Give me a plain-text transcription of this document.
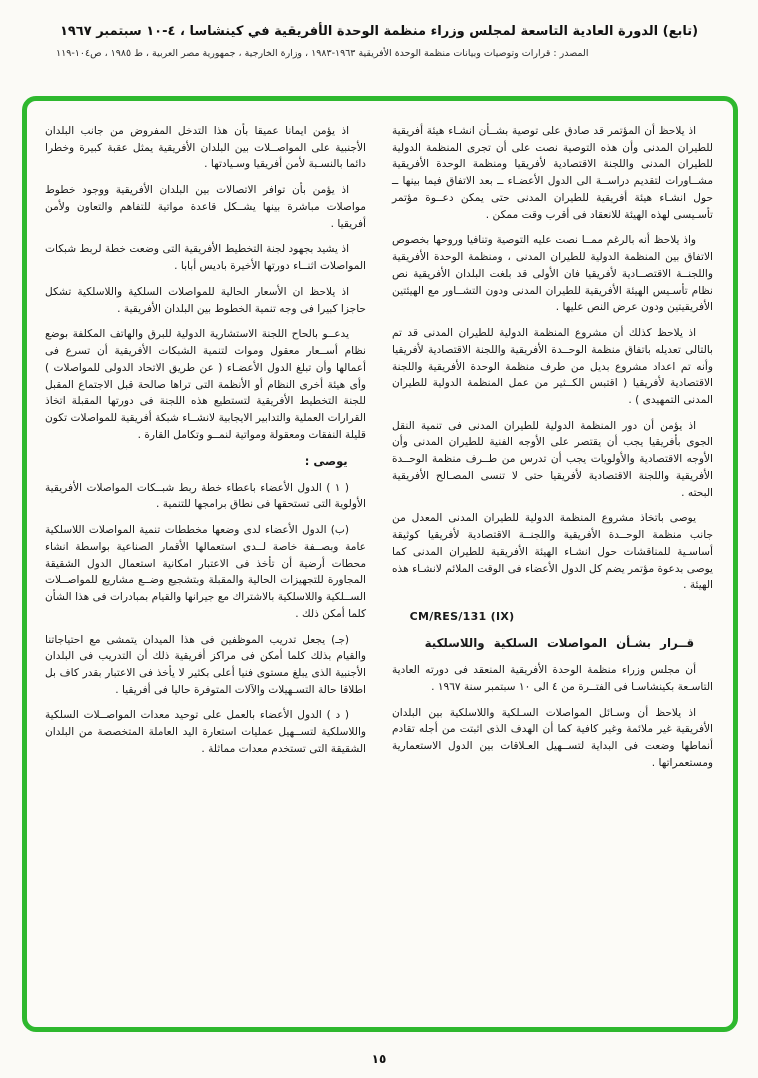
(تابع) الدورة العادية التاسعة لمجلس وزراء منظمة الوحدة الأفريقية في كينشاسا ، ٤-١٠ سبتمبر ١٩٦٧
المصدر : قرارات وتوصيات وبيانات منظمة الوحدة الأفريقية ١٩٦٣-١٩٨٣ ، وزارة الخارجية ، جمهورية مصر العربية ، ط ١٩٨٥ ، ص١٠٤-١١٩

اذ يلاحظ أن المؤتمر قد صادق على توصية بشــأن انشـاء هيئة أفريقية للطيران المدنى وأن هذه التوصية نصت على أن تجرى المنظمة الدولية للطيران المدنى واللجنة الاقتصادية لأفريقيا ومنظمة الوحدة الأفريقية مشــاورات لتقديم دراســة الى الدول الأعضـاء ــ بعد الاتفاق فيما بينها ــ حول انشـاء هيئة أفريقية للطيران المدنى حتى يمكن دعــوة مؤتمر تأسـيسى لهذه الهيئة للانعقاد فى أقرب وقت ممكن .

واذ يلاحظ أنه بالرغم ممــا نصت عليه التوصية وتنافيا وروحها بخصوص الاتفاق بين المنظمة الدولية للطيران المدنى ، ومنظمة الوحدة الأفريقية واللجنــة الاقتصــادية لأفريقيا فان الأولى قد بلغت البلدان الأفريقية نص نظام تأسـيس الهيئة الأفريقية للطيران المدنى ودون التشــاور مع الهيئتين الأفريقيتين ودون عرض النص عليها .

اذ يلاحظ كذلك أن مشروع المنظمة الدولية للطيران المدنى قد تم بالتالى تعديله باتفاق منظمة الوحــدة الأفريقية واللجنة الاقتصادية لأفريقيا وأنه تم اعداد مشروع بديل من طرف منظمة الوحدة الأفريقية واللجنة الاقتصادية لأفريقيا ( اقتبس الكــثير من عمل المنظمة الدولية للطيران المدنى التمهيدى ) .

اذ يؤمن أن دور المنظمة الدولية للطيران المدنى فى تنمية النقل الجوى بأفريقيا يجب أن يقتصر على الأوجه الفنية للطيران المدنى وأن الأوجه الاقتصادية والأولويات يجب أن تدرس من طــرف منظمة الوحــدة الأفريقية واللجنة الاقتصادية لأفريقيا حتى لا تنسى المصـالح الأفريقية البحته .

يوصى باتخاذ مشروع المنظمة الدولية للطيران المدنى المعدل من جانب منظمة الوحــدة الأفريقية واللجنــة الاقتصادية لأفريقيا كوثيقة أساسـية للمناقشات حول انشـاء الهيئة الأفريقية للطيران المدنى كما يوصى بدعوة مؤتمر يضم كل الدول الأعضاء فى الوقت الملائم لانشـاء هذه الهيئة .

CM/RES/131 (IX)

قــرار بشـأن المواصلات السلكية واللاسلكية

أن مجلس وزراء منظمة الوحدة الأفريقية المنعقد فى دورته العادية التاسـعة بكينشاسـا فى الفتــرة من ٤ الى ١٠ سبتمبر سنة ١٩٦٧ .

اذ يلاحظ أن وسـائل المواصلات السـلكية واللاسلكية بين البلدان الأفريقية غير ملائمة وغير كافية كما أن الهدف الذى اثبتت من أجله تقادم أنماطها وضعت فى البداية لتســهيل العـلاقات بين الدول الاستعمارية ومستعمراتها .

اذ يؤمن ايمانا عميقا بأن هذا التدخل المفروض من جانب البلدان الأجنبية على المواصــلات بين البلدان الأفريقية يمثل عقبة كبيرة وخطرا دائما بالنسـبة لأمن أفريقيا وسـيادتها .

اذ يؤمن بأن توافر الاتصالات بين البلدان الأفريقية ووجود خطوط مواصلات مباشرة بينها يشــكل قاعدة مواتية للتفاهم والتعاون ولأمن أفريقيا .

اذ يشيد بجهود لجنة التخطيط الأفريقية التى وضعت خطة لربط شبكات المواصلات اثنــاء دورتها الأخيرة باديس أبابا .

اذ يلاحظ ان الأسعار الحالية للمواصلات السلكية واللاسلكية تشكل حاجزا كبيرا فى وجه تنمية الخطوط بين البلدان الأفريقية .

يدعــو بالحاح اللجنة الاستشارية الدولية للبرق والهاتف المكلفة بوضع نظام أســعار معقول وموات لتنمية الشبكات الأفريقية أن تسرع فى أعمالها وأن تبلغ الدول الأعضـاء ( عن طريق الاتحاد الدولى للمواصلات ) وأى هيئة أخرى النظام أو الأنظمة التى تراها صالحة قبل الاجتماع المقبل للجنة التخطيط الأفريقية لتستطيع هذه اللجنة فى دورتها المقبلة اتخاذ القرارات العملية والتدابير الايجابية لانشــاء شبكة أفريقية للمواصلات تكون قليلة النفقات ومعقولة ومواتية لنمــو وتكامل القارة .

يوصى :

( ١ ) الدول الأعضاء باعطاء خطة ربط شبــكات المواصلات الأفريقية الأولوية التى تستحقها فى نطاق برامجها للتنمية .

(ب) الدول الأعضاء لدى وضعها مخططات تنمية المواصلات اللاسلكية عامة وبصــفة خاصة لــدى استعمالها الأقمار الصناعية بواسطة انشاء محطات أرضية أن تأخذ فى الاعتبار امكانية استعمال الدول الشقيقة المجاورة للتجهيزات الحالية والمقبلة وبتشجيع وضــع مشاريع للمواصــلات الســلكية واللاسلكية بالاشتراك مع جيرانها والقيام بمبادرات فى هذا الشأن كلما أمكن ذلك .

(جـ) يجعل تدريب الموظفين فى هذا الميدان يتمشى مع احتياجاتنا والقيام بذلك كلما أمكن فى مراكز أفريقية ذلك أن التدريب فى البلدان الأجنبية الذى يبلغ مستوى فنيا أعلى بكثير لا يأخذ فى الاعتبار بقدر كاف بل اطلاقا حالة التسـهيلات والآلات المتوفرة حاليا فى أفريقيا .

( د ) الدول الأعضاء بالعمل على توحيد معدات المواصــلات السلكية واللاسلكية لتســهيل عمليات استعارة اليد العاملة المتخصصة من البلدان الشقيقة التى تستخدم معدات مماثلة .

١٥
